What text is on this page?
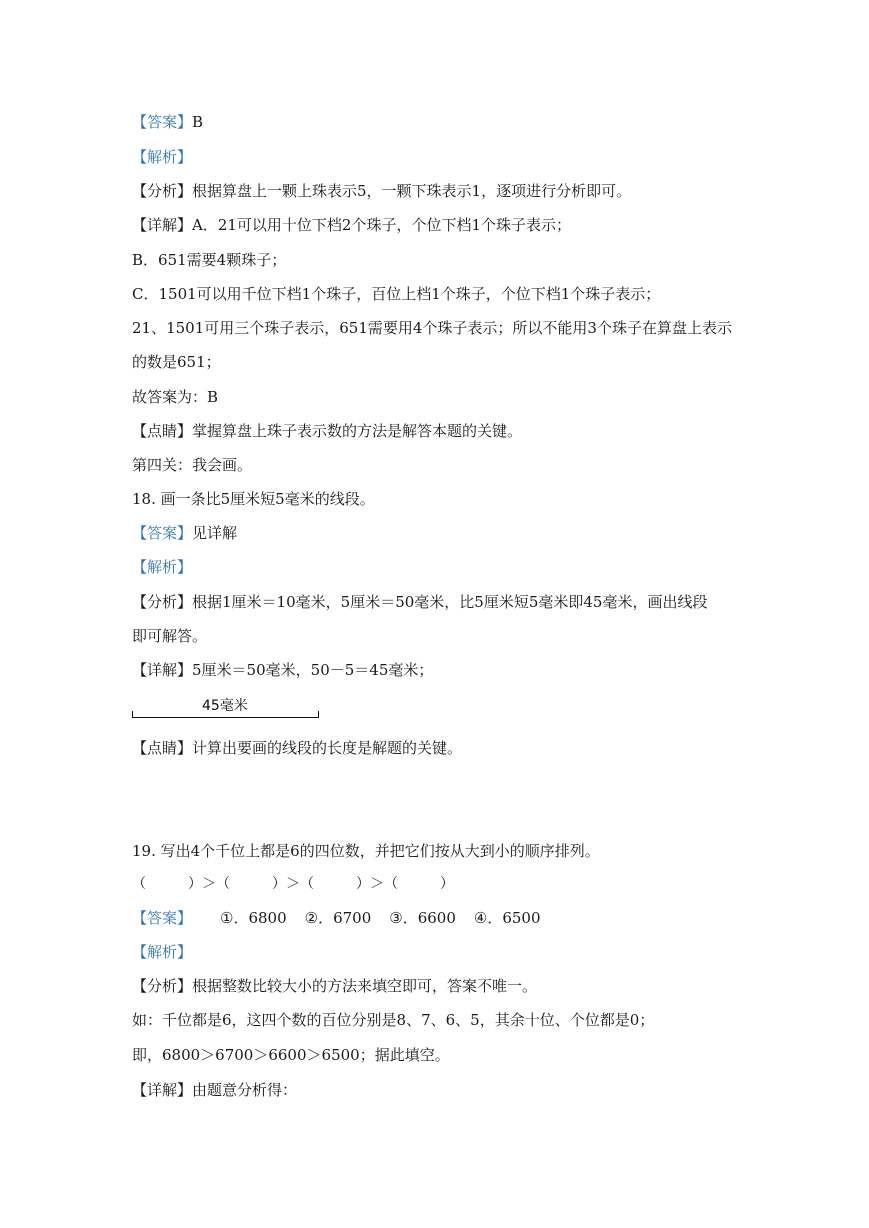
【答案】B
【解析】
【分析】根据算盘上一颗上珠表示5，一颗下珠表示1，逐项进行分析即可。
【详解】A．21可以用十位下档2个珠子，个位下档1个珠子表示；
B．651需要4颗珠子；
C．1501可以用千位下档1个珠子，百位上档1个珠子，个位下档1个珠子表示；
21、1501可用三个珠子表示，651需要用4个珠子表示；所以不能用3个珠子在算盘上表示
的数是651；
故答案为：B
【点睛】掌握算盘上珠子表示数的方法是解答本题的关键。
第四关：我会画。
18. 画一条比5厘米短5毫米的线段。
【答案】见详解
【解析】
【分析】根据1厘米＝10毫米，5厘米＝50毫米，比5厘米短5毫米即45毫米，画出线段
即可解答。
【详解】5厘米＝50毫米，50－5＝45毫米；
45毫米
【点睛】计算出要画的线段的长度是解题的关键。
19. 写出4个千位上都是6的四位数，并把它们按从大到小的顺序排列。
（　　　）＞（　　　）＞（　　　）＞（　　　）
【答案】 ①．6800 ②．6700 ③．6600 ④．6500
【解析】
【分析】根据整数比较大小的方法来填空即可，答案不唯一。
如：千位都是6，这四个数的百位分别是8、7、6、5，其余十位、个位都是0；
即，6800＞6700＞6600＞6500；据此填空。
【详解】由题意分析得：
